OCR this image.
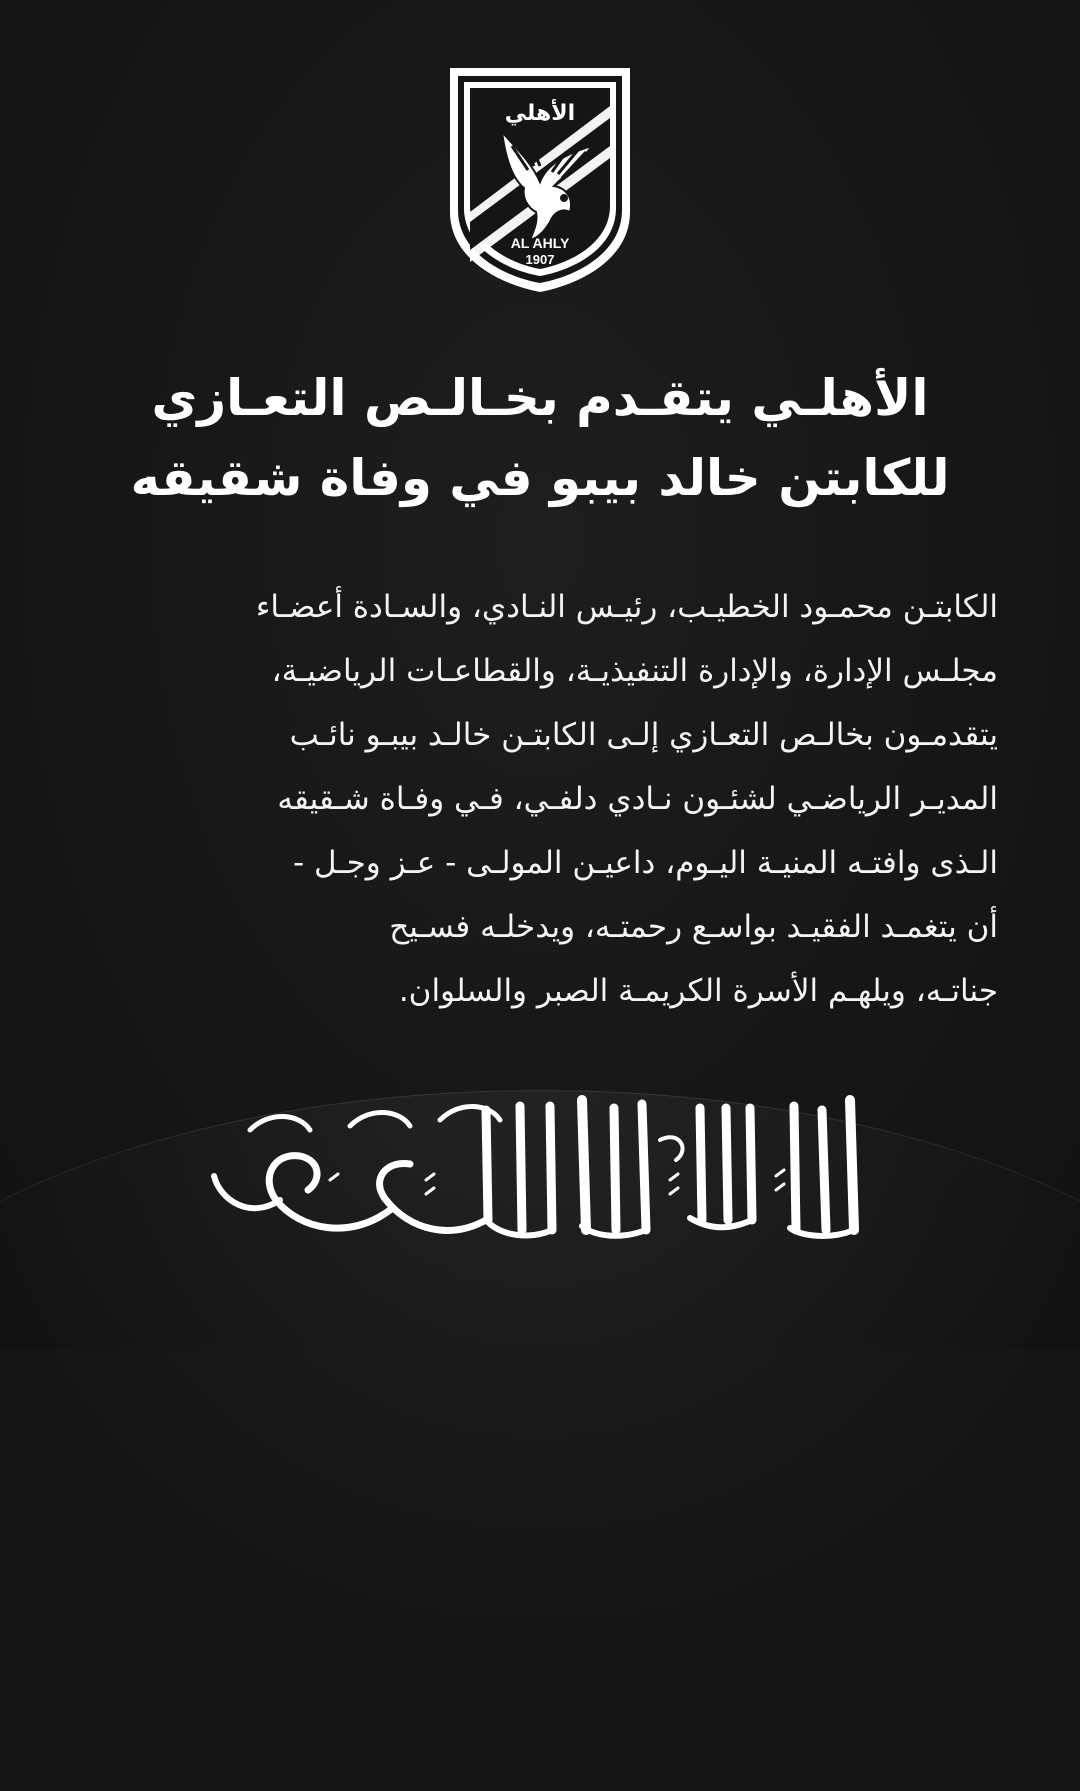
الأهلي
AL AHLY
1907
الأهلـي يتقـدم بخـالـص التعـازي
للكابتن خالد بيبو في وفاة شقيقه

الكابتـن محمـود الخطيـب، رئيـس النـادي، والسـادة أعضـاء
مجلـس الإدارة، والإدارة التنفيذيـة، والقطاعـات الرياضيـة،
يتقدمـون بخالـص التعـازي إلـى الكابتـن خالـد بيبـو نائـب
المديـر الرياضـي لشئـون نـادي دلفـي، فـي وفـاة شـقيقه
الـذى وافتـه المنيـة اليـوم، داعيـن المولـى - عـز وجـل -
أن يتغمـد الفقيـد بواسـع رحمتـه، ويدخلـه فسـيح
جناتـه، ويلهـم الأسرة الكريمـة الصبر والسلوان.
